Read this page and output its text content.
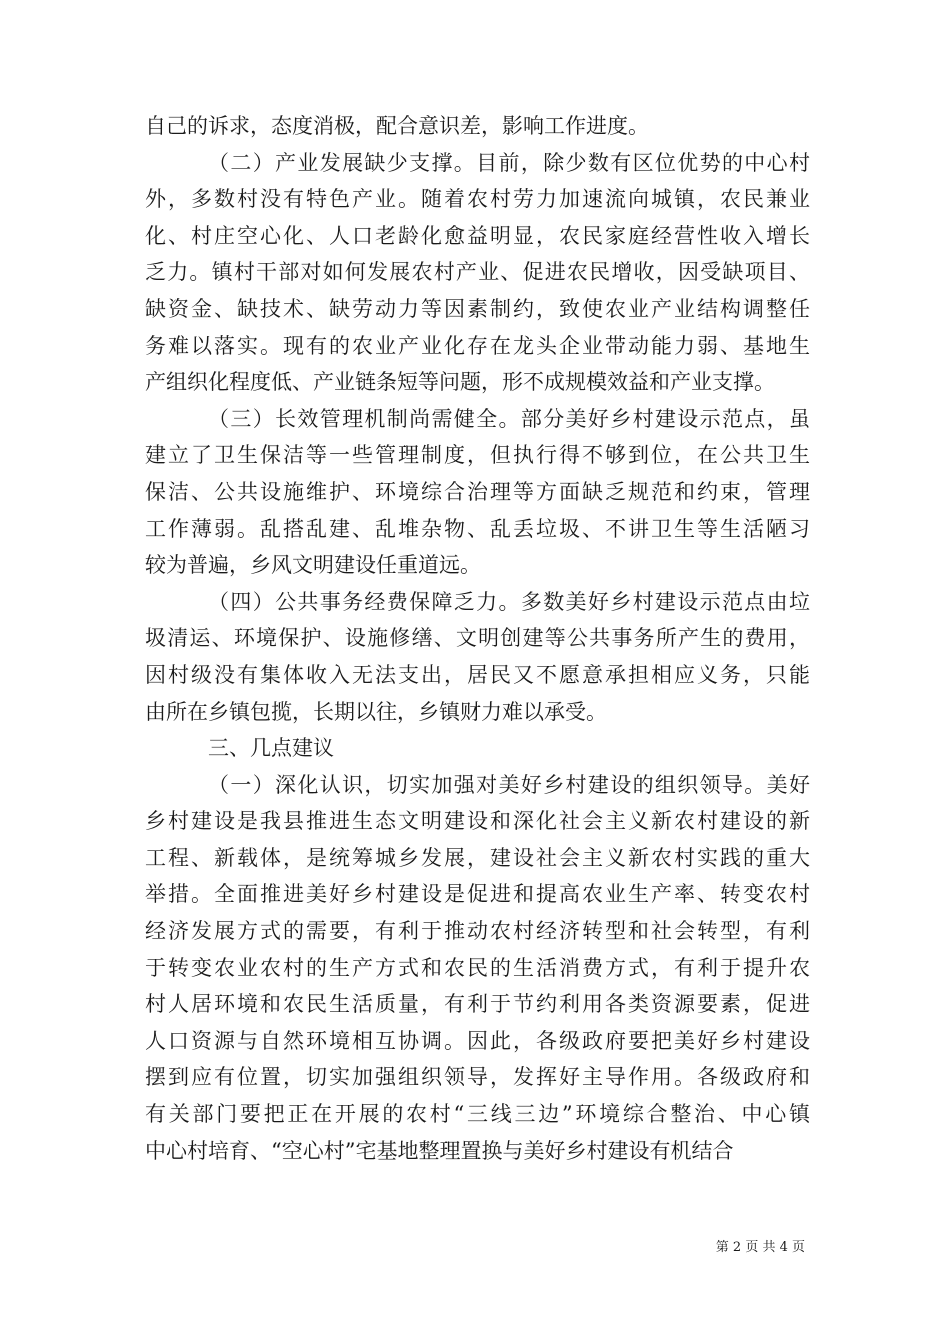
自己的诉求，态度消极，配合意识差，影响工作进度。
（二）产业发展缺少支撑。目前，除少数有区位优势的中心村
外，多数村没有特色产业。随着农村劳力加速流向城镇，农民兼业
化、村庄空心化、人口老龄化愈益明显，农民家庭经营性收入增长
乏力。镇村干部对如何发展农村产业、促进农民增收，因受缺项目、
缺资金、缺技术、缺劳动力等因素制约，致使农业产业结构调整任
务难以落实。现有的农业产业化存在龙头企业带动能力弱、基地生
产组织化程度低、产业链条短等问题，形不成规模效益和产业支撑。
（三）长效管理机制尚需健全。部分美好乡村建设示范点，虽
建立了卫生保洁等一些管理制度，但执行得不够到位，在公共卫生
保洁、公共设施维护、环境综合治理等方面缺乏规范和约束，管理
工作薄弱。乱搭乱建、乱堆杂物、乱丢垃圾、不讲卫生等生活陋习
较为普遍，乡风文明建设任重道远。
（四）公共事务经费保障乏力。多数美好乡村建设示范点由垃
圾清运、环境保护、设施修缮、文明创建等公共事务所产生的费用，
因村级没有集体收入无法支出，居民又不愿意承担相应义务，只能
由所在乡镇包揽，长期以往，乡镇财力难以承受。
三、几点建议
（一）深化认识，切实加强对美好乡村建设的组织领导。美好
乡村建设是我县推进生态文明建设和深化社会主义新农村建设的新
工程、新载体，是统筹城乡发展，建设社会主义新农村实践的重大
举措。全面推进美好乡村建设是促进和提高农业生产率、转变农村
经济发展方式的需要，有利于推动农村经济转型和社会转型，有利
于转变农业农村的生产方式和农民的生活消费方式，有利于提升农
村人居环境和农民生活质量，有利于节约利用各类资源要素，促进
人口资源与自然环境相互协调。因此，各级政府要把美好乡村建设
摆到应有位置，切实加强组织领导，发挥好主导作用。各级政府和
有关部门要把正在开展的农村“三线三边”环境综合整治、中心镇
中心村培育、“空心村”宅基地整理置换与美好乡村建设有机结合
第 2 页 共 4 页
